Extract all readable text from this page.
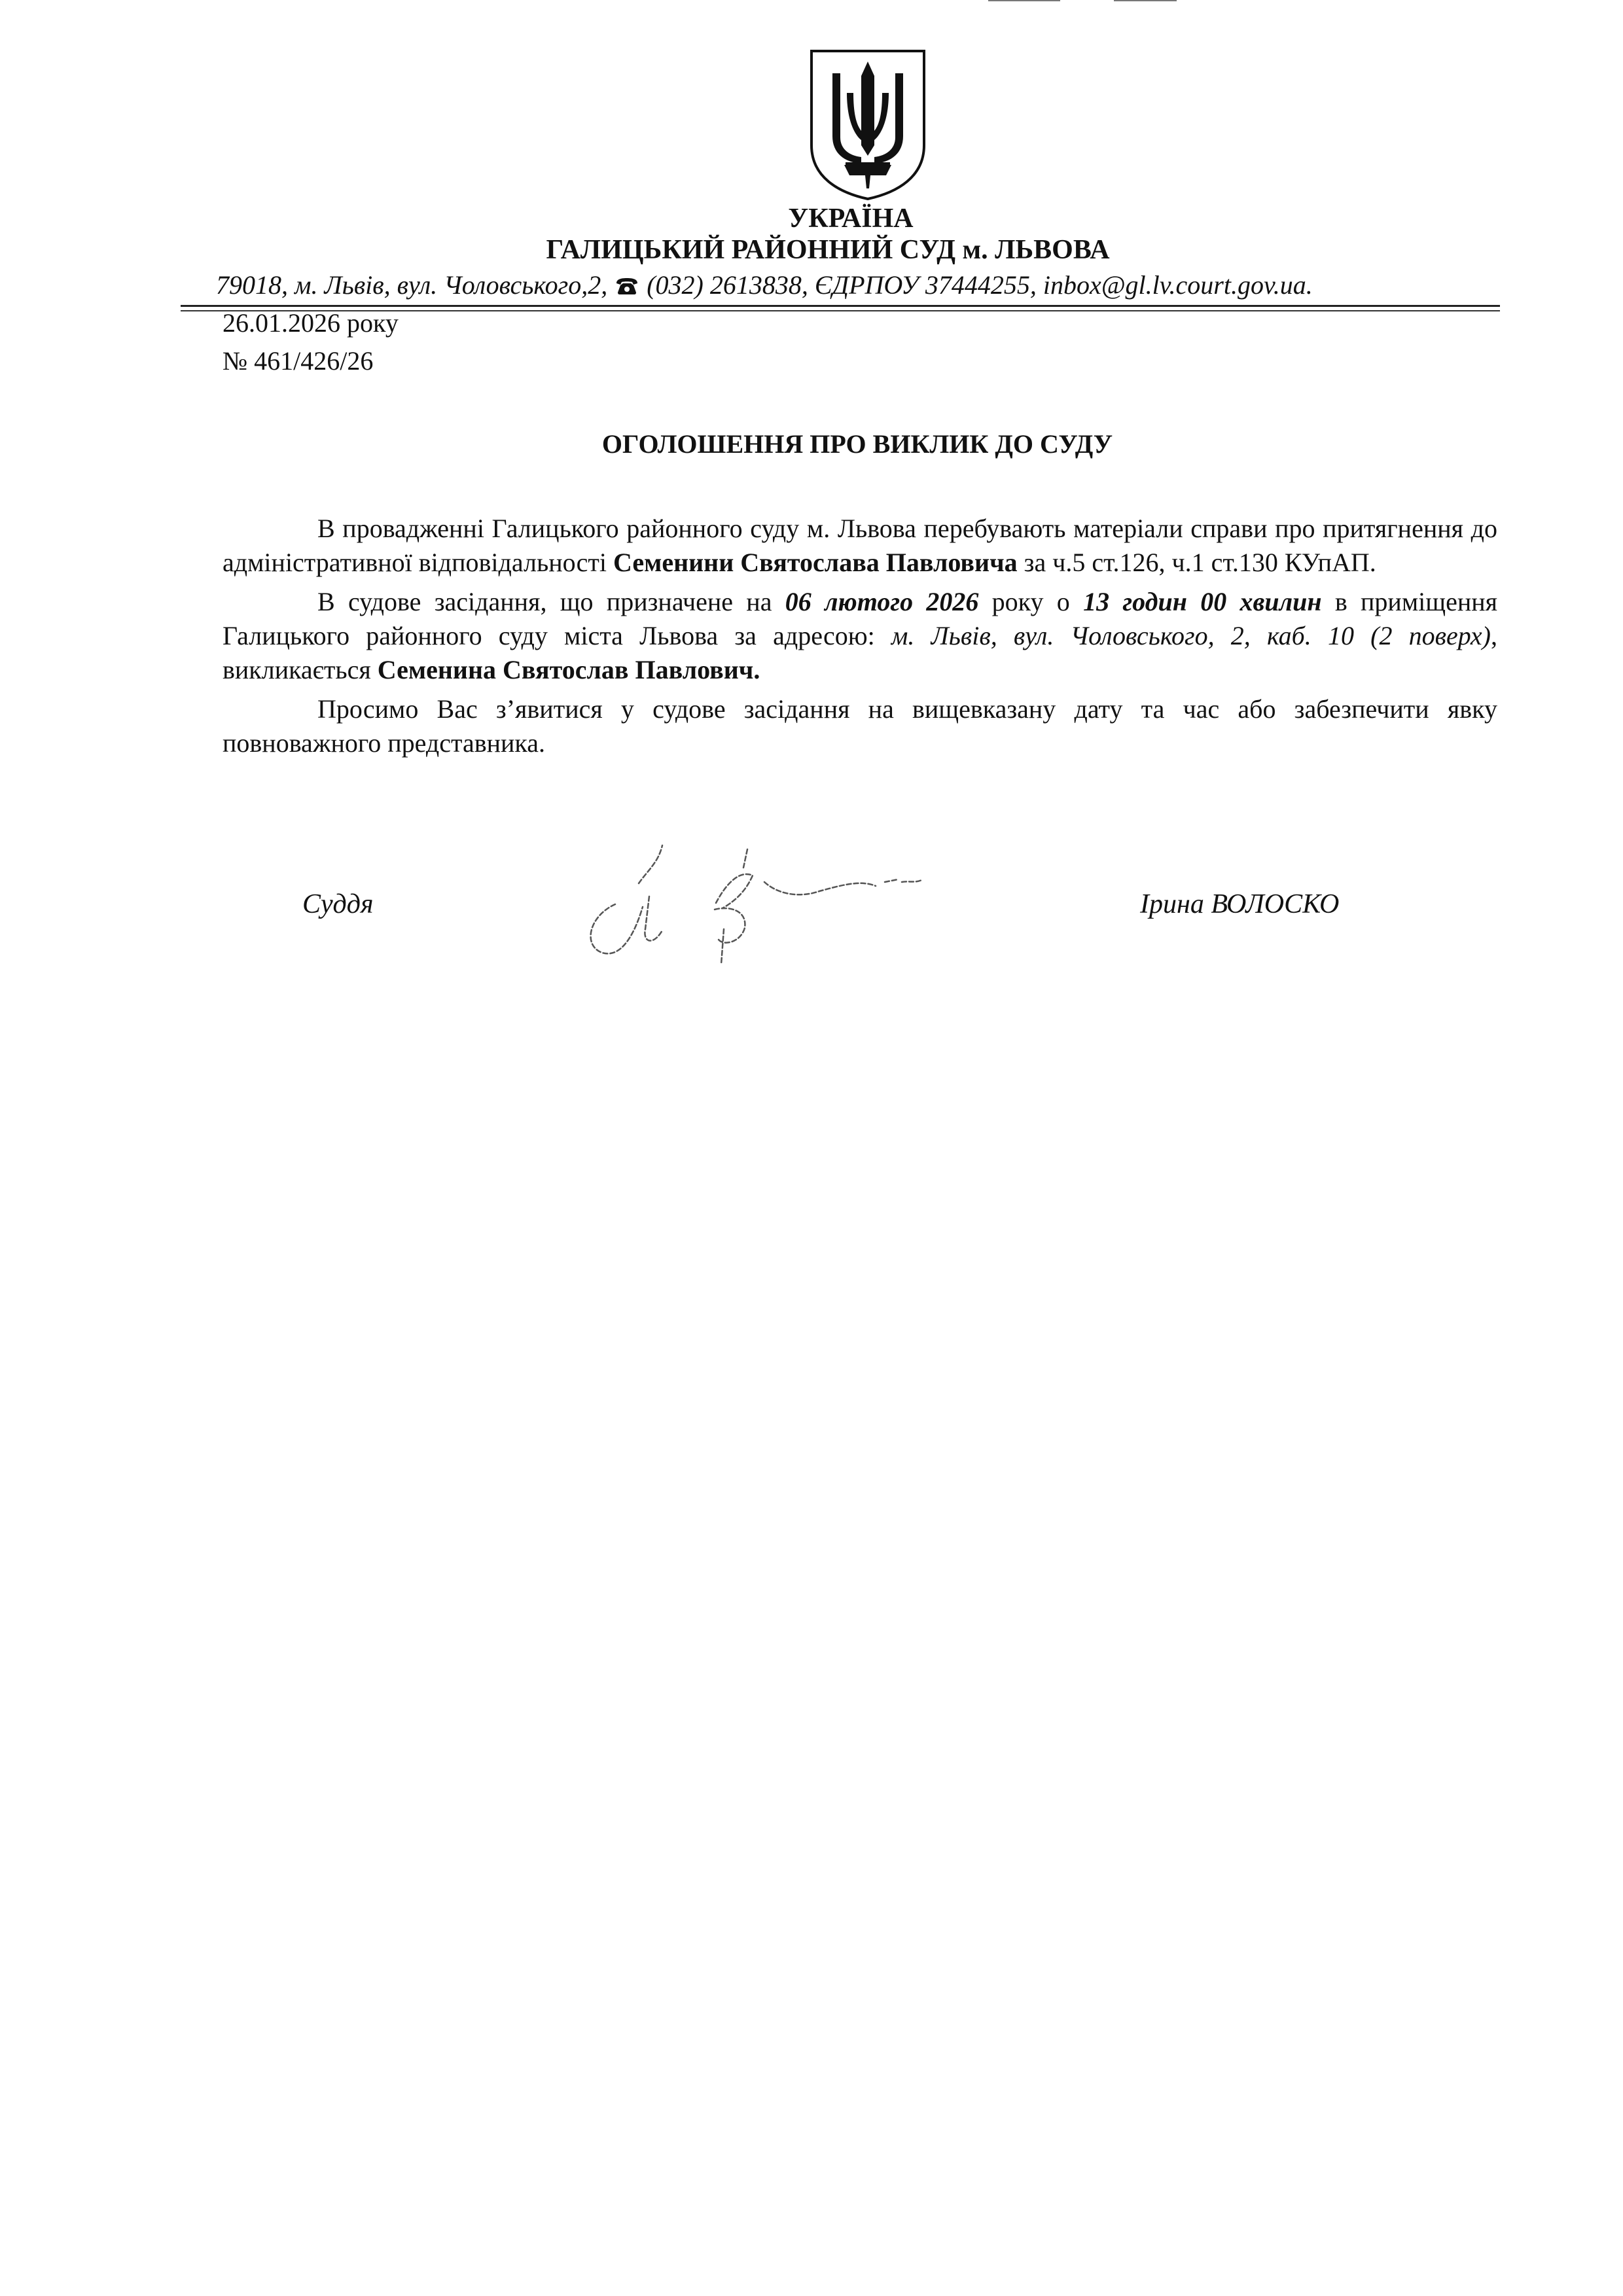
УКРАЇНА
ГАЛИЦЬКИЙ РАЙОННИЙ СУД м. ЛЬВОВА
79018, м. Львів, вул. Чоловського,2,  (032) 2613838, ЄДРПОУ 37444255, inbox@gl.lv.court.gov.ua.
26.01.2026 року
№ 461/426/26
ОГОЛОШЕННЯ ПРО ВИКЛИК ДО СУДУ

В провадженні Галицького районного суду м. Львова перебувають матеріали справи про притягнення до адміністративної відповідальності Семенини Святослава Павловича за ч.5 ст.126, ч.1 ст.130 КУпАП.

В судове засідання, що призначене на 06 лютого 2026 року о 13 годин 00 хвилин в приміщення Галицького районного суду міста Львова за адресою: м. Львів, вул. Чоловського, 2, каб. 10 (2 поверх), викликається Семенина Святослав Павлович.

Просимо Вас з’явитися у судове засідання на вищевказану дату та час або забезпечити явку повноважного представника.

Суддя	Ірина ВОЛОСКО
